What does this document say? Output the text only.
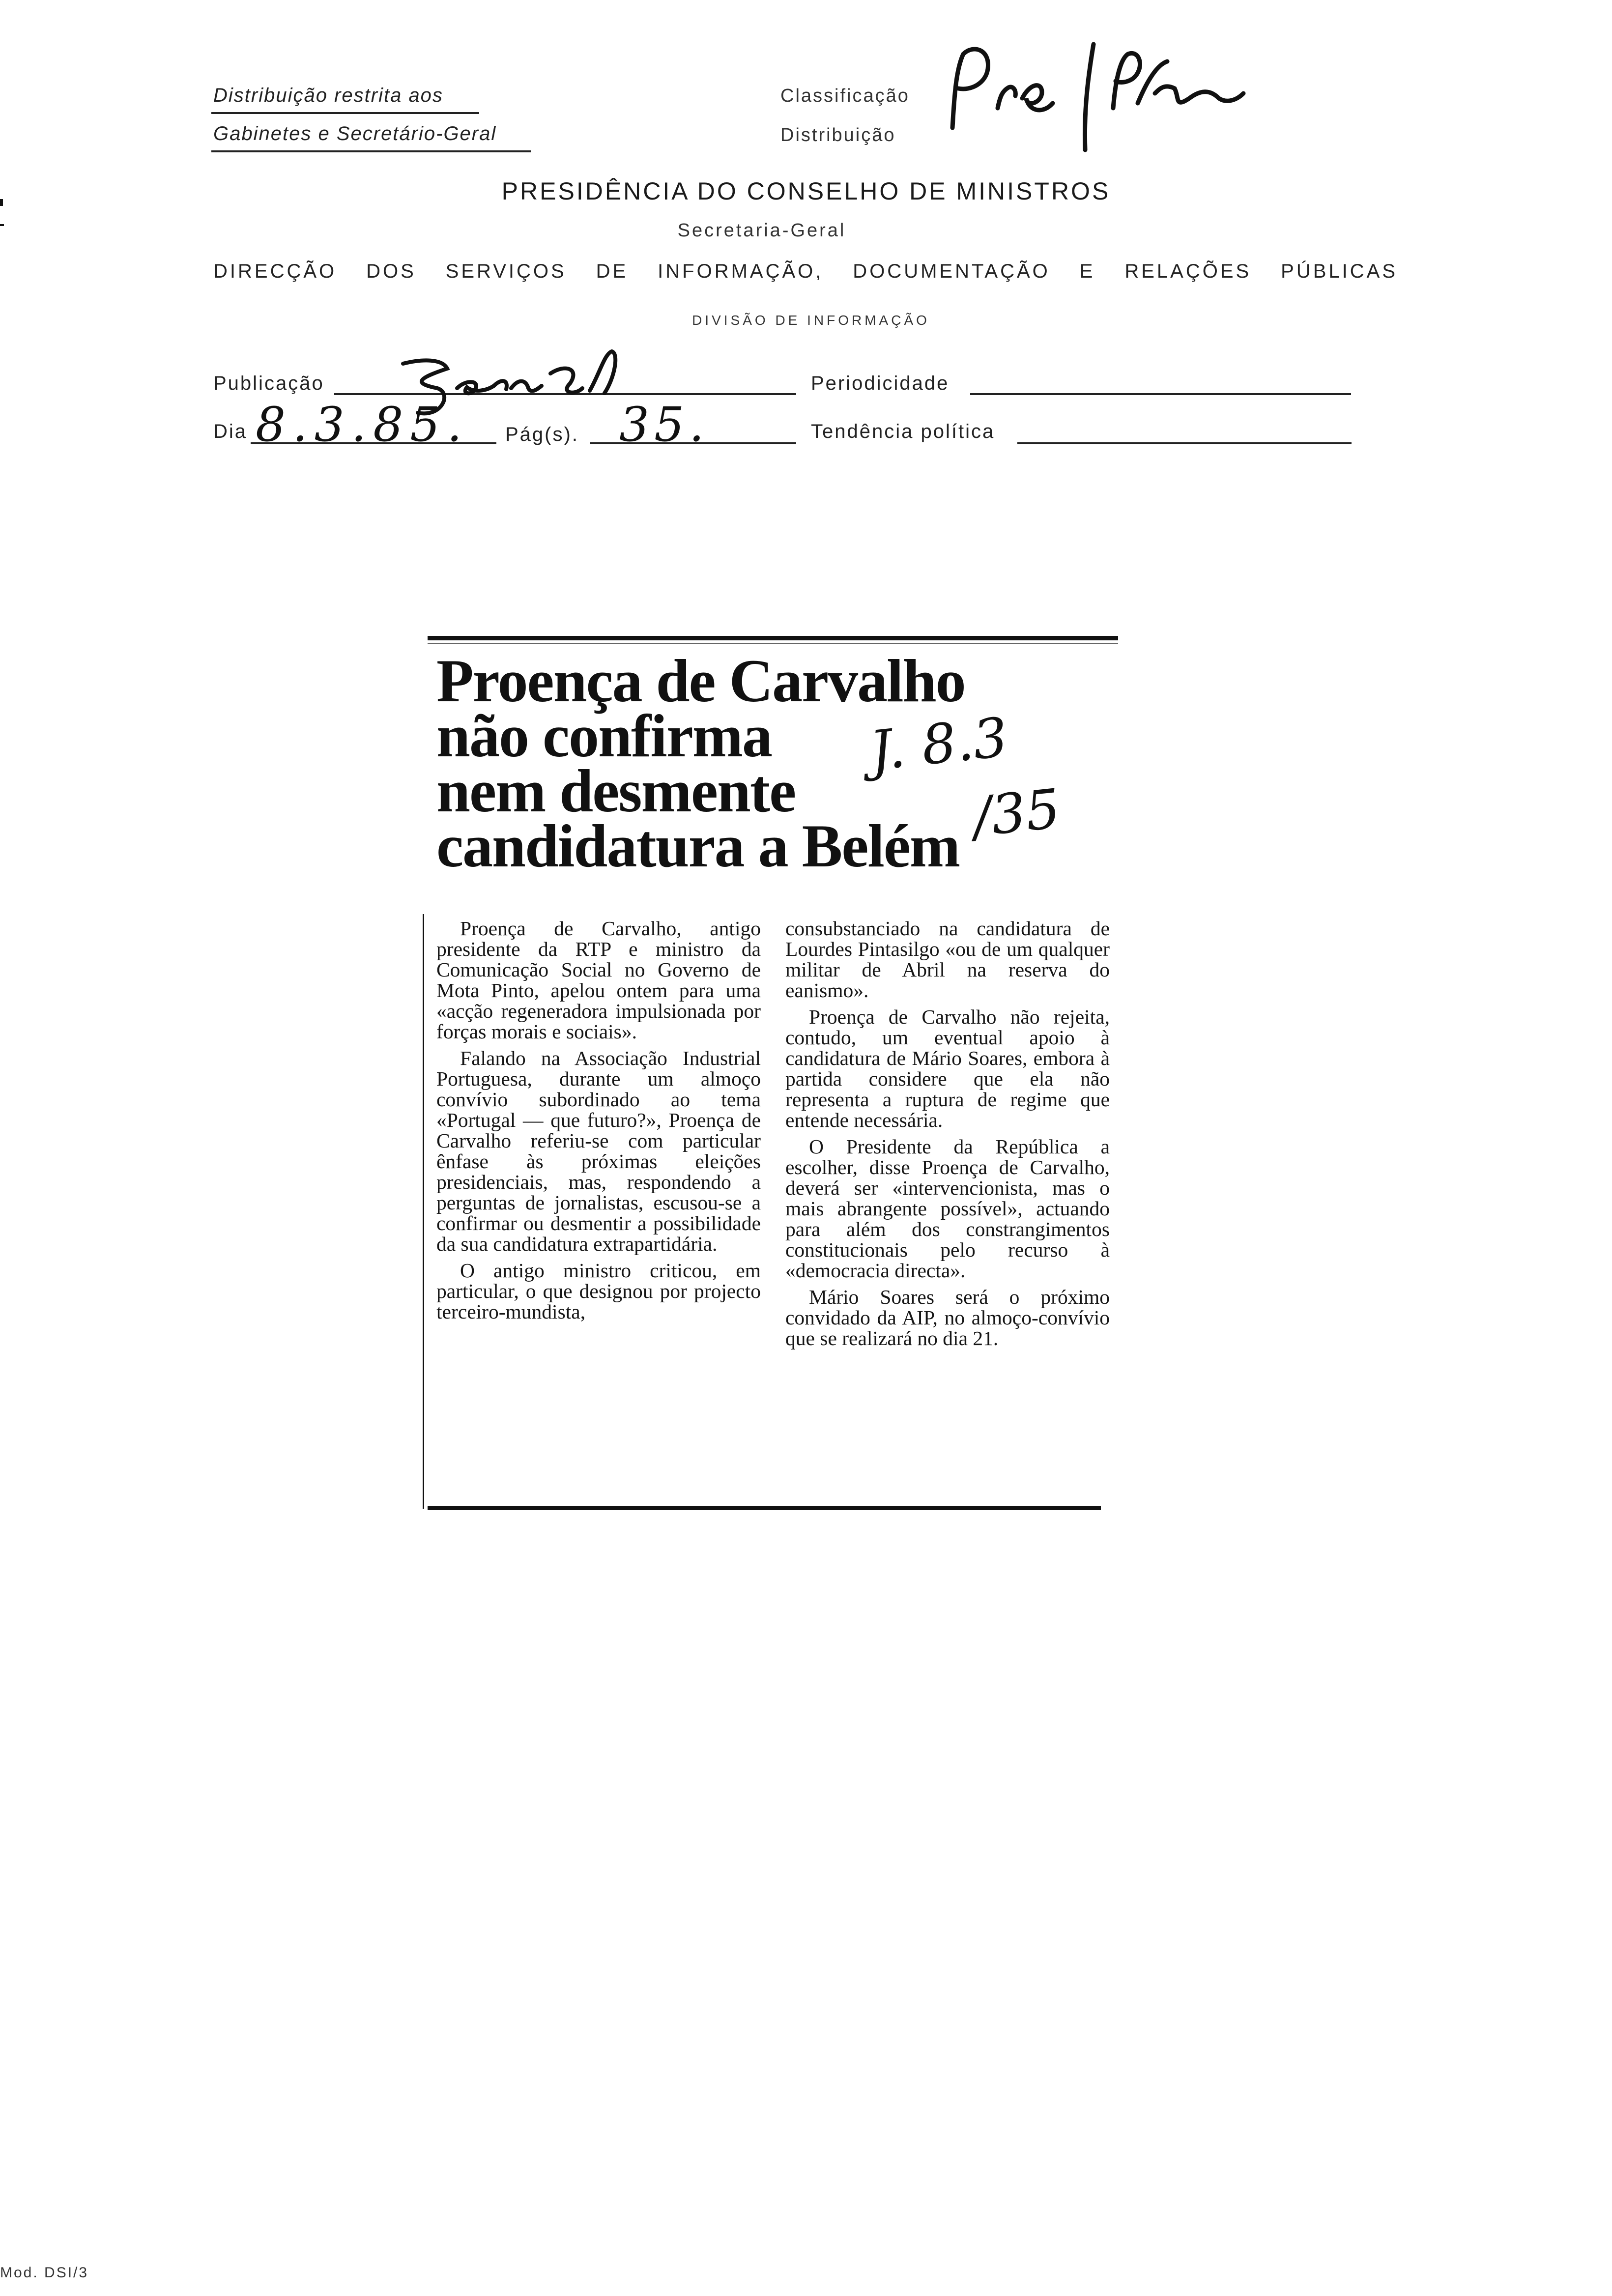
Distribuição restrita aos
Gabinetes e Secretário-Geral
Classificação
Distribuição
PRESIDÊNCIA DO CONSELHO DE MINISTROS
Secretaria-Geral
DIRECÇÃO DOS SERVIÇOS DE INFORMAÇÃO, DOCUMENTAÇÃO E RELAÇÕES PÚBLICAS
DIVISÃO DE INFORMAÇÃO
Publicação	Periodicidade
Dia 8.3.85. Pág(s). 35.	Tendência política
Proença de Carvalho
não confirma
nem desmente
candidatura a Belém
J. 8.3
/35

Proença de Carvalho, antigo presidente da RTP e ministro da Comunicação Social no Governo de Mota Pinto, apelou ontem para uma «acção regeneradora impulsionada por forças morais e sociais».

Falando na Associação Industrial Portuguesa, durante um almoço convívio subordinado ao tema «Portugal — que futuro?», Proença de Carvalho referiu-se com particular ênfase às próximas eleições presidenciais, mas, respondendo a perguntas de jornalistas, escusou-se a confirmar ou desmentir a possibilidade da sua candidatura extrapartidária.

O antigo ministro criticou, em particular, o que designou por projecto terceiro-mundista,

consubstanciado na candidatura de Lourdes Pintasilgo «ou de um qualquer militar de Abril na reserva do eanismo».

Proença de Carvalho não rejeita, contudo, um eventual apoio à candidatura de Mário Soares, embora à partida considere que ela não representa a ruptura de regime que entende necessária.

O Presidente da República a escolher, disse Proença de Carvalho, deverá ser «intervencionista, mas o mais abrangente possível», actuando para além dos constrangimentos constitucionais pelo recurso à «democracia directa».

Mário Soares será o próximo convidado da AIP, no almoço-convívio que se realizará no dia 21.

Mod. DSI/3
